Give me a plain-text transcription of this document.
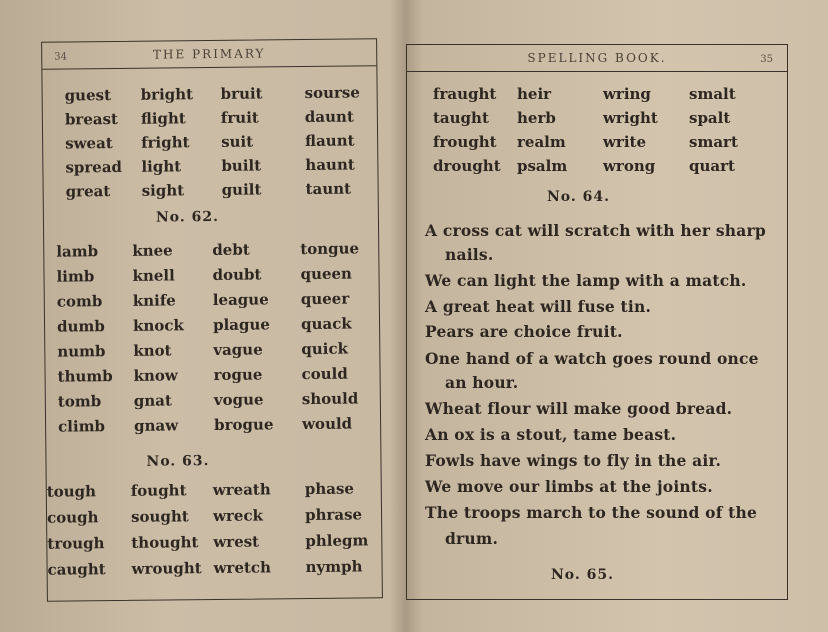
34	THE PRIMARY
guest bright bruit	sourse
breast flight fruit	daunt
sweat fright suit	flaunt
spread light	built	haunt
great sight guilt	taunt
No. 62.
lamb knee	debt	tongue
limb	knell	doubt	queen
comb knife league queer
dumb knock plague quack
numb knot	vague	quick
thumb know rogue	could
tomb gnat	vogue	should
climb gnaw brogue would
No. 63.
tough fought wreath phase
cough sought wreck	phrase
trough thought wrest	phlegm
caught wrought wretch nymph
SPELLING BOOK.	35
fraught heir	wring	smalt
taught herb	wright spalt
frought realm write	smart
drought psalm wrong quart
No. 64.
A cross cat will scratch with her sharp
nails.
We can light the lamp with a match.
A great heat will fuse tin.
Pears are choice fruit.
One hand of a watch goes round once
an hour.
Wheat flour will make good bread.
An ox is a stout, tame beast.
Fowls have wings to fly in the air.
We move our limbs at the joints.
The troops march to the sound of the
drum.
No. 65.
